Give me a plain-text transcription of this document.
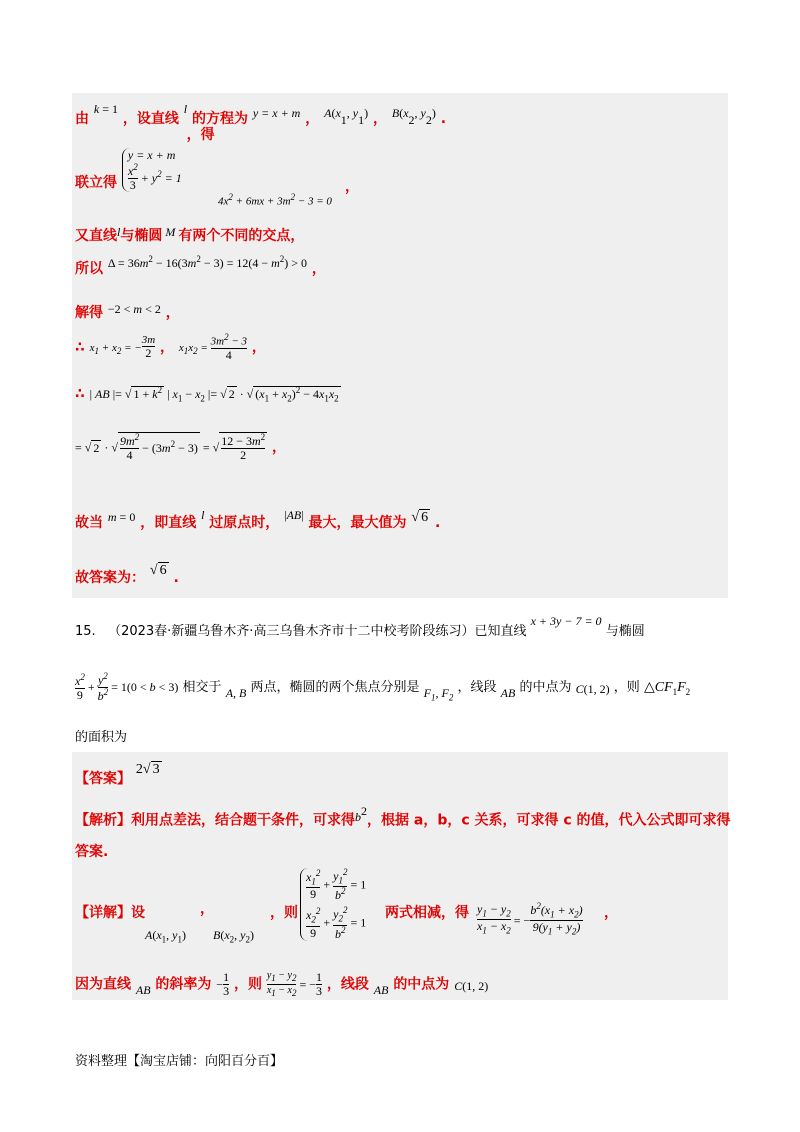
由 k = 1 ，设直线 l 的方程为 y = x + m ， $A(x_1$, $y_1$) ， $B(x_2$, $y_2$) .
联立得
y = x + m
$\frac{x^2}{3} + y^2 = 1$
，得
$4x^2 + 6mx + 3m^2 - 3 = 0$
，
又直线l与椭圆 M 有两个不同的交点，
所以 $\Delta = 36m^2 - 16(3m^2 - 3) = 12(4 - m^2) > 0$ ，
解得 −2 < m < 2 ，
∴ $x_1 + x_2$ = − $\frac{3m}{2}$ ， $x_1x_2 = \frac{3m^2 - 3}{4}$ ，
∴ | AB |= √ $1 + k^2$ | $x_1 - x_2$ |= √ 2 · √ $(x_1 + x_2)^2 - 4x_1x_2$
= √ 2 · √ $\frac{9m^2}{4} - (3m^2 - 3)$ = √ $\frac{12 - 3m^2}{2}$ ，
故当 m = 0 ，即直线 l 过原点时， |AB| 最大，最大值为 √ 6 .
故答案为： √ 6 .
15. （2023春·新疆乌鲁木齐·高三乌鲁木齐市十二中校考阶段练习）已知直线 x + 3y − 7 = 0 与椭圆
$\frac{x^2}{9} + \frac{y^2}{b^2} = 1(0 < b < 3)$ 相交于 A, B 两点，椭圆的两个焦点分别是 $F_1$, $F_2$ ，线段 AB 的中点为 C(1, 2) ，则 $\triangle CF_1F_2$
的面积为
【答案】 2√ 3
【解析】利用点差法，结合题干条件，可求得$b^2$，根据 a，b，c 关系，可求得 c 的值，代入公式即可求得
答案.
【详解】设
$A(x_1$, $y_1$)
，
$B(x_2$, $y_2$)
，则
$\frac{x_1^2}{9} + \frac{y_1^2}{b^2} = 1$
$\frac{x_2^2}{9} + \frac{y_2^2}{b^2} = 1$
两式相减，得 $\frac{y_1 - y_2}{x_1 - x_2}$ = − $\frac{b^2(x_1 + x_2)}{9(y_1 + y_2)}$ ，
因为直线 AB 的斜率为 − $\frac{1}{3}$ ，则 $\frac{y_1 - y_2}{x_1 - x_2}$ = − $\frac{1}{3}$ ，线段 AB 的中点为 C(1, 2)
资料整理【淘宝店铺：向阳百分百】
